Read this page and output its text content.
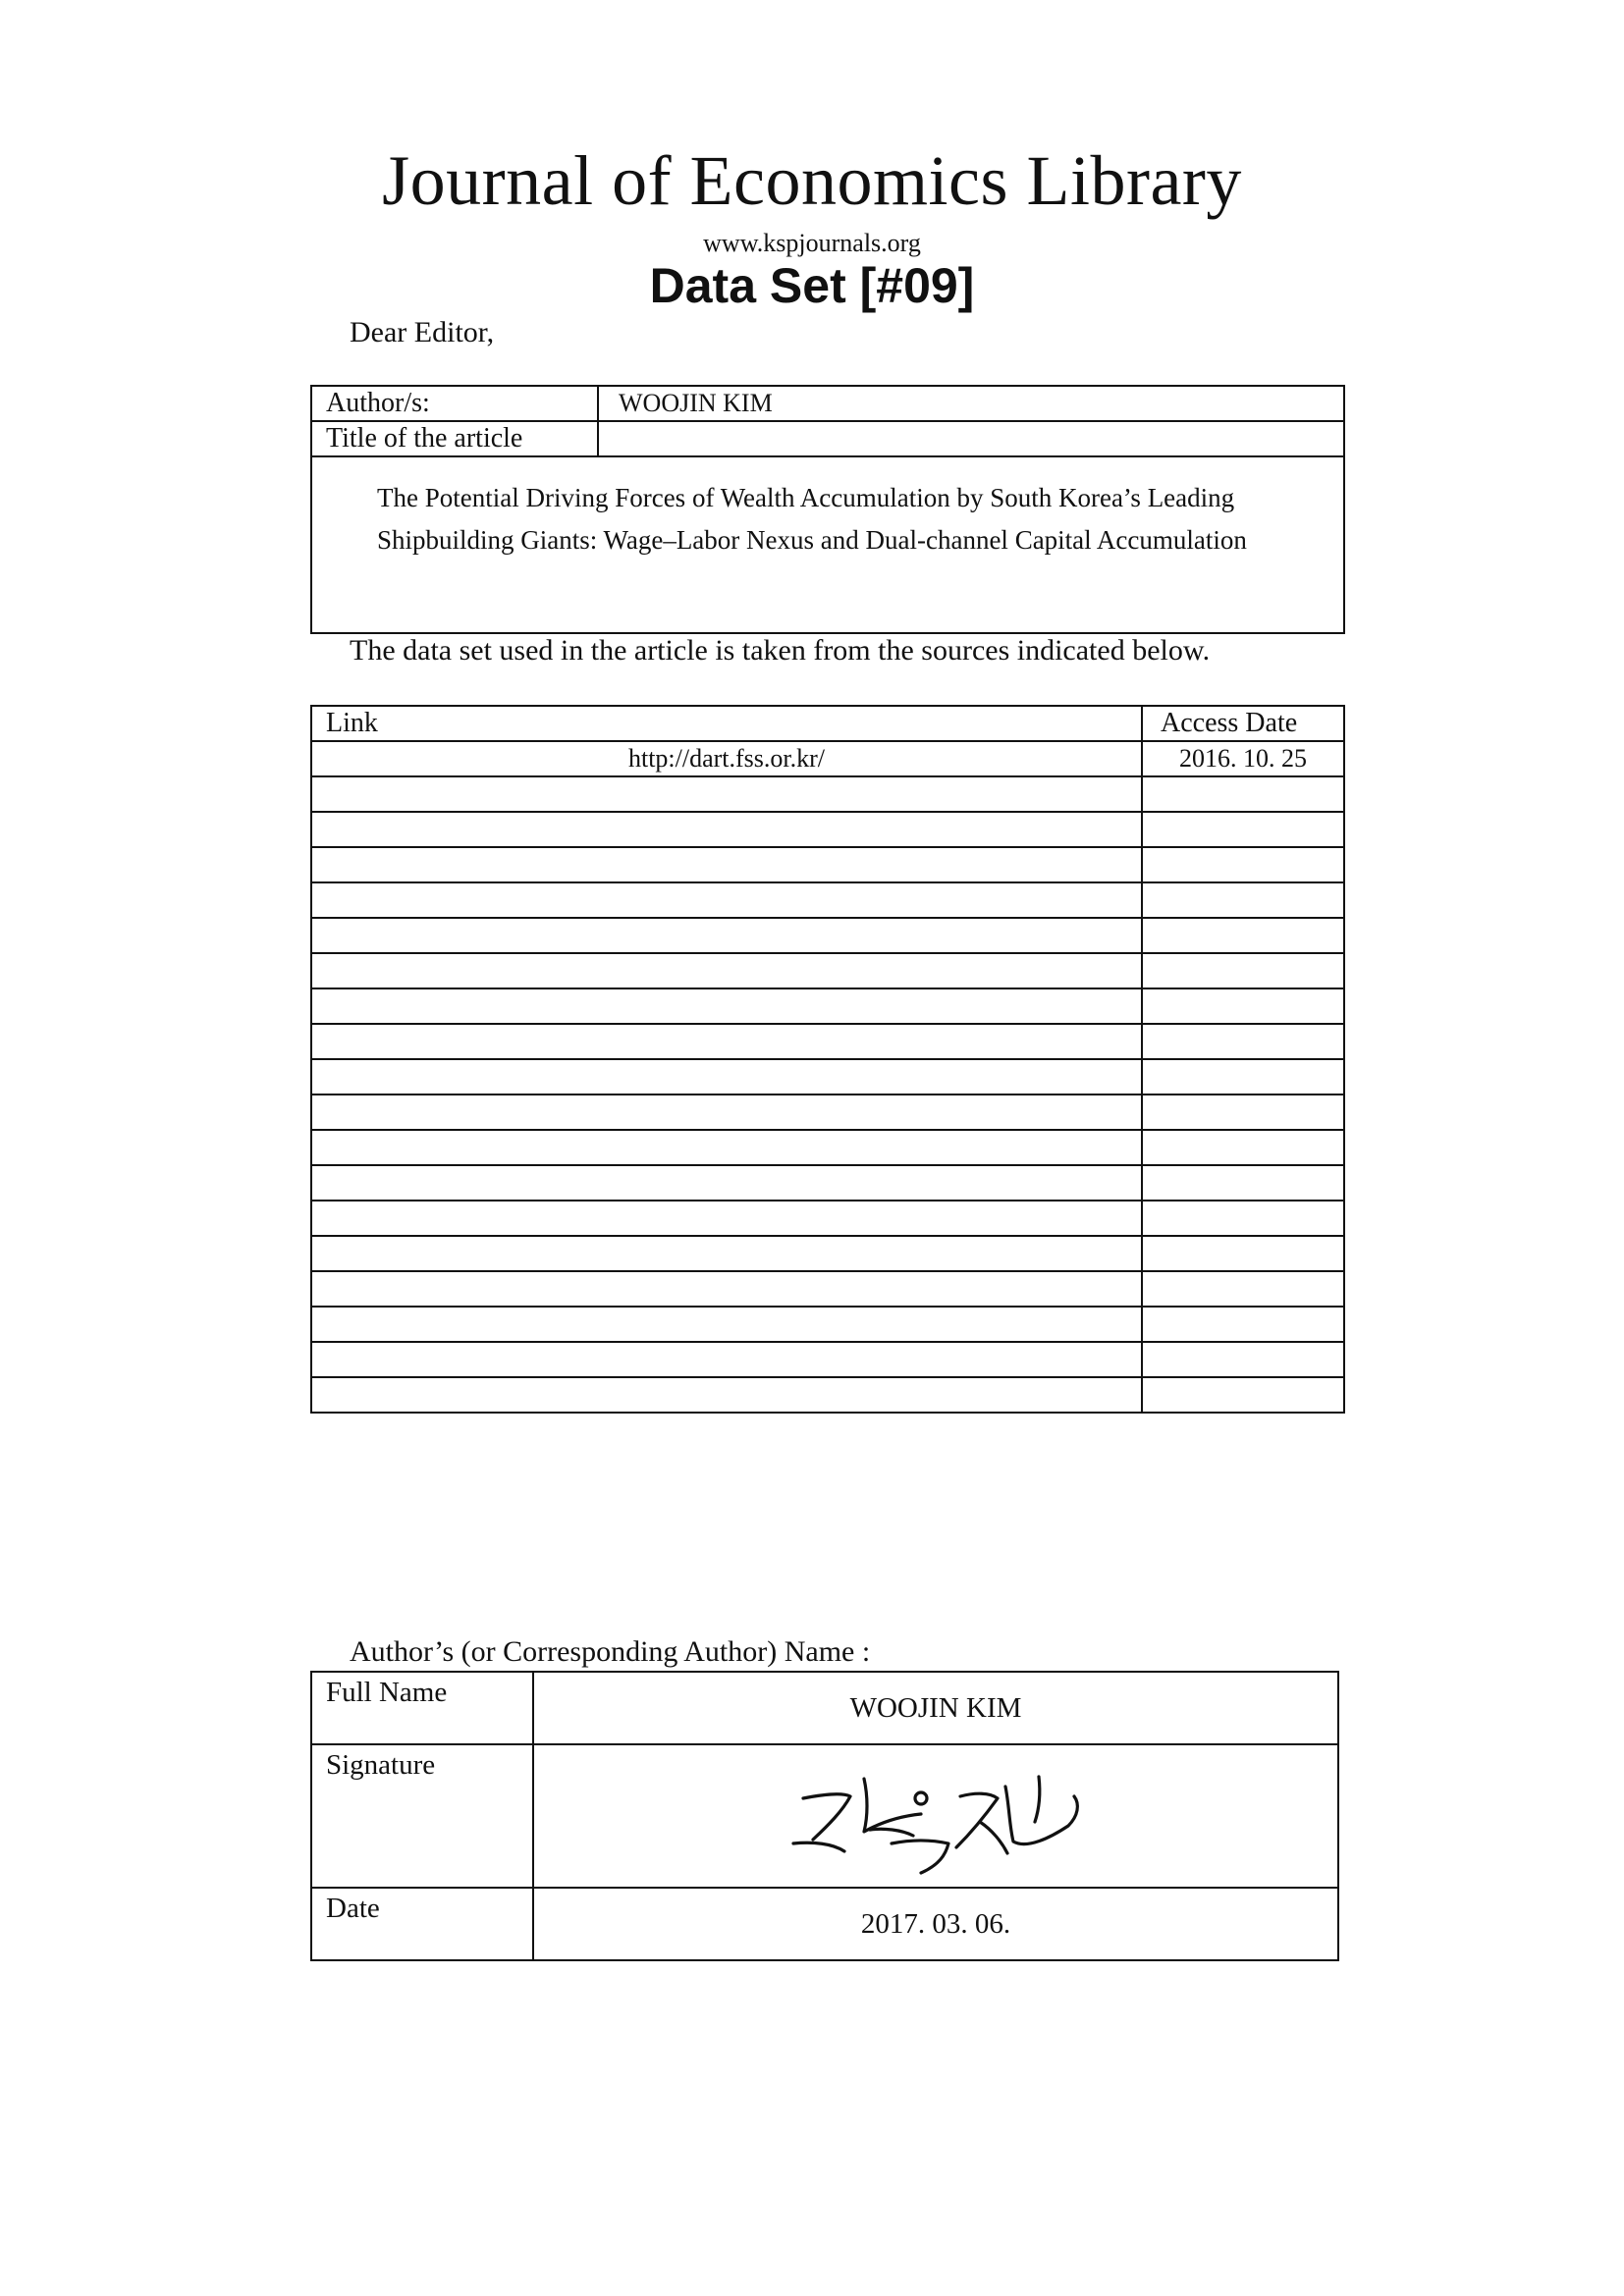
Journal of Economics Library
www.kspjournals.org
Data Set [#09]
Dear Editor,
Author/s:	WOOJIN KIM
Title of the article	
The Potential Driving Forces of Wealth Accumulation by South Korea’s Leading Shipbuilding Giants: Wage–Labor Nexus and Dual-channel Capital Accumulation	
The data set used in the article is taken from the sources indicated below.
Link	Access Date
http://dart.fss.or.kr/	2016. 10. 25

Author’s (or Corresponding Author) Name :
Full Name	WOOJIN KIM
Signature	

Date	2017. 03. 06.
